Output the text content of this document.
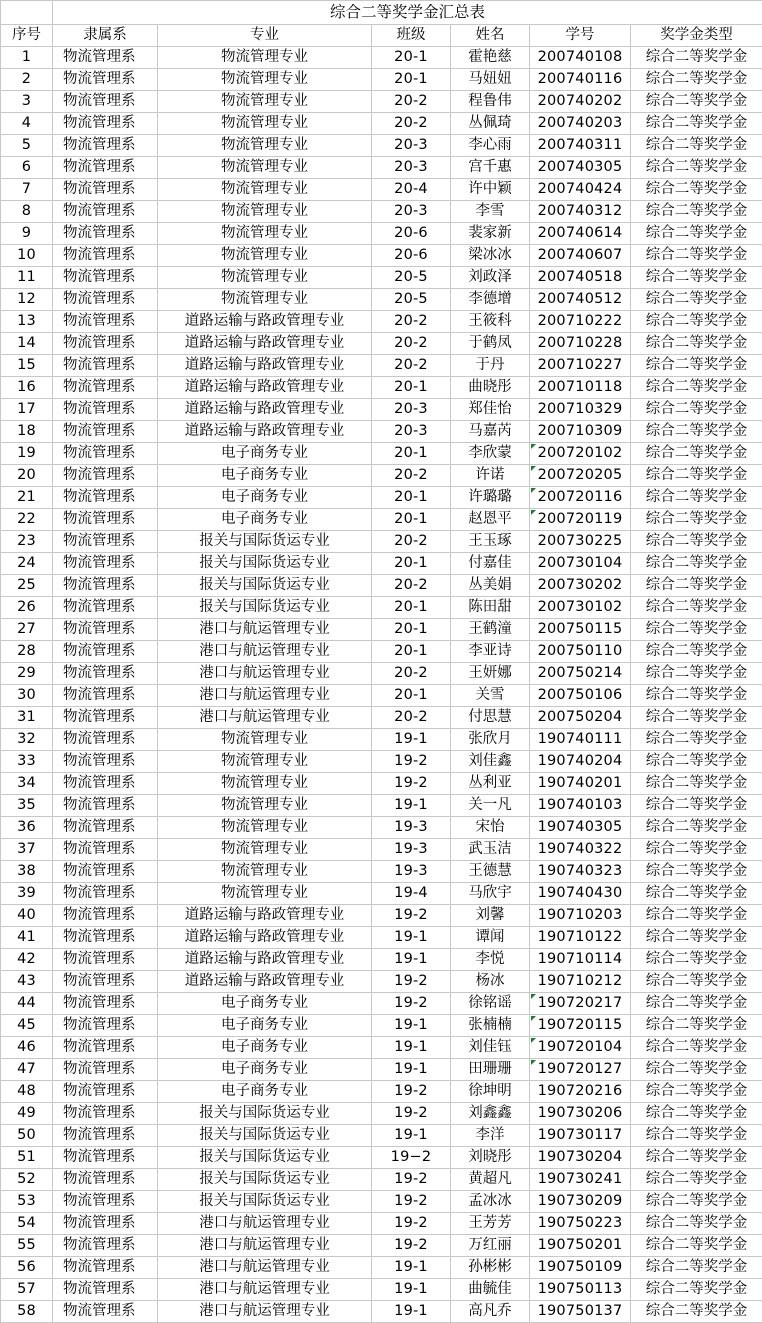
	综合二等奖学金汇总表					
序号	隶属系	专业	班级	姓名	学号	奖学金类型
1	物流管理系	物流管理专业	20-1	霍艳慈	200740108	综合二等奖学金
2	物流管理系	物流管理专业	20-1	马妞妞	200740116	综合二等奖学金
3	物流管理系	物流管理专业	20-2	程鲁伟	200740202	综合二等奖学金
4	物流管理系	物流管理专业	20-2	丛佩琦	200740203	综合二等奖学金
5	物流管理系	物流管理专业	20-3	李心雨	200740311	综合二等奖学金
6	物流管理系	物流管理专业	20-3	宫千惠	200740305	综合二等奖学金
7	物流管理系	物流管理专业	20-4	许中颖	200740424	综合二等奖学金
8	物流管理系	物流管理专业	20-3	李雪	200740312	综合二等奖学金
9	物流管理系	物流管理专业	20-6	裴家新	200740614	综合二等奖学金
10	物流管理系	物流管理专业	20-6	梁冰冰	200740607	综合二等奖学金
11	物流管理系	物流管理专业	20-5	刘政泽	200740518	综合二等奖学金
12	物流管理系	物流管理专业	20-5	李德增	200740512	综合二等奖学金
13	物流管理系	道路运输与路政管理专业	20-2	王筱科	200710222	综合二等奖学金
14	物流管理系	道路运输与路政管理专业	20-2	于鹤凤	200710228	综合二等奖学金
15	物流管理系	道路运输与路政管理专业	20-2	于丹	200710227	综合二等奖学金
16	物流管理系	道路运输与路政管理专业	20-1	曲晓彤	200710118	综合二等奖学金
17	物流管理系	道路运输与路政管理专业	20-3	郑佳怡	200710329	综合二等奖学金
18	物流管理系	道路运输与路政管理专业	20-3	马嘉芮	200710309	综合二等奖学金
19	物流管理系	电子商务专业	20-1	李欣蒙	200720102	综合二等奖学金
20	物流管理系	电子商务专业	20-2	许诺	200720205	综合二等奖学金
21	物流管理系	电子商务专业	20-1	许璐璐	200720116	综合二等奖学金
22	物流管理系	电子商务专业	20-1	赵恩平	200720119	综合二等奖学金
23	物流管理系	报关与国际货运专业	20-2	王玉琢	200730225	综合二等奖学金
24	物流管理系	报关与国际货运专业	20-1	付嘉佳	200730104	综合二等奖学金
25	物流管理系	报关与国际货运专业	20-2	丛美娟	200730202	综合二等奖学金
26	物流管理系	报关与国际货运专业	20-1	陈田甜	200730102	综合二等奖学金
27	物流管理系	港口与航运管理专业	20-1	王鹤潼	200750115	综合二等奖学金
28	物流管理系	港口与航运管理专业	20-1	李亚诗	200750110	综合二等奖学金
29	物流管理系	港口与航运管理专业	20-2	王妍娜	200750214	综合二等奖学金
30	物流管理系	港口与航运管理专业	20-1	关雪	200750106	综合二等奖学金
31	物流管理系	港口与航运管理专业	20-2	付思慧	200750204	综合二等奖学金
32	物流管理系	物流管理专业	19-1	张欣月	190740111	综合二等奖学金
33	物流管理系	物流管理专业	19-2	刘佳鑫	190740204	综合二等奖学金
34	物流管理系	物流管理专业	19-2	丛利亚	190740201	综合二等奖学金
35	物流管理系	物流管理专业	19-1	关一凡	190740103	综合二等奖学金
36	物流管理系	物流管理专业	19-3	宋怡	190740305	综合二等奖学金
37	物流管理系	物流管理专业	19-3	武玉洁	190740322	综合二等奖学金
38	物流管理系	物流管理专业	19-3	王德慧	190740323	综合二等奖学金
39	物流管理系	物流管理专业	19-4	马欣宇	190740430	综合二等奖学金
40	物流管理系	道路运输与路政管理专业	19-2	刘馨	190710203	综合二等奖学金
41	物流管理系	道路运输与路政管理专业	19-1	谭闻	190710122	综合二等奖学金
42	物流管理系	道路运输与路政管理专业	19-1	李悦	190710114	综合二等奖学金
43	物流管理系	道路运输与路政管理专业	19-2	杨冰	190710212	综合二等奖学金
44	物流管理系	电子商务专业	19-2	徐铭谣	190720217	综合二等奖学金
45	物流管理系	电子商务专业	19-1	张楠楠	190720115	综合二等奖学金
46	物流管理系	电子商务专业	19-1	刘佳钰	190720104	综合二等奖学金
47	物流管理系	电子商务专业	19-1	田珊珊	190720127	综合二等奖学金
48	物流管理系	电子商务专业	19-2	徐坤明	190720216	综合二等奖学金
49	物流管理系	报关与国际货运专业	19-2	刘鑫鑫	190730206	综合二等奖学金
50	物流管理系	报关与国际货运专业	19-1	李洋	190730117	综合二等奖学金
51	物流管理系	报关与国际货运专业	19−2	刘晓彤	190730204	综合二等奖学金
52	物流管理系	报关与国际货运专业	19-2	黄超凡	190730241	综合二等奖学金
53	物流管理系	报关与国际货运专业	19-2	孟冰冰	190730209	综合二等奖学金
54	物流管理系	港口与航运管理专业	19-2	王芳芳	190750223	综合二等奖学金
55	物流管理系	港口与航运管理专业	19-2	万红丽	190750201	综合二等奖学金
56	物流管理系	港口与航运管理专业	19-1	孙彬彬	190750109	综合二等奖学金
57	物流管理系	港口与航运管理专业	19-1	曲毓佳	190750113	综合二等奖学金
58	物流管理系	港口与航运管理专业	19-1	高凡乔	190750137	综合二等奖学金
